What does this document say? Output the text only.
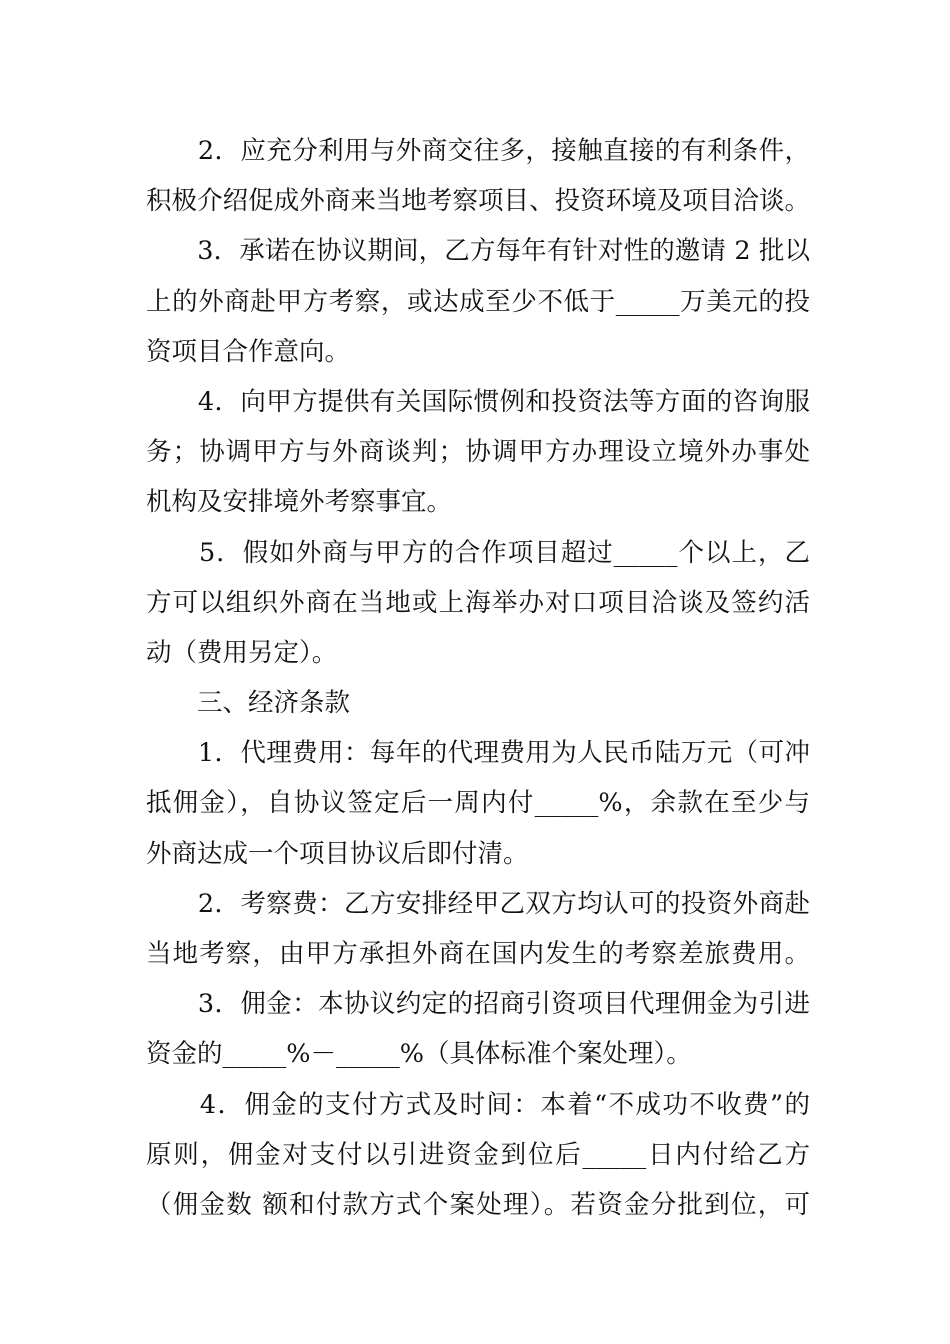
　　2．应充分利用与外商交往多，接触直接的有利条件，
积极介绍促成外商来当地考察项目、投资环境及项目洽谈。
　　3．承诺在协议期间，乙方每年有针对性的邀请 2 批以
上的外商赴甲方考察，或达成至少不低于_____万美元的投
资项目合作意向。
　　4．向甲方提供有关国际惯例和投资法等方面的咨询服
务；协调甲方与外商谈判；协调甲方办理设立境外办事处
机构及安排境外考察事宜。
　　5．假如外商与甲方的合作项目超过_____个以上，乙
方可以组织外商在当地或上海举办对口项目洽谈及签约活
动（费用另定）。
　　三、经济条款
　　1．代理费用：每年的代理费用为人民币陆万元（可冲
抵佣金），自协议签定后一周内付_____%，余款在至少与
外商达成一个项目协议后即付清。
　　2．考察费：乙方安排经甲乙双方均认可的投资外商赴
当地考察，由甲方承担外商在国内发生的考察差旅费用。
　　3．佣金：本协议约定的招商引资项目代理佣金为引进
资金的_____%－_____%（具体标准个案处理）。
　　4．佣金的支付方式及时间：本着“不成功不收费”的
原则，佣金对支付以引进资金到位后_____日内付给乙方
（佣金数 额和付款方式个案处理）。若资金分批到位，可
